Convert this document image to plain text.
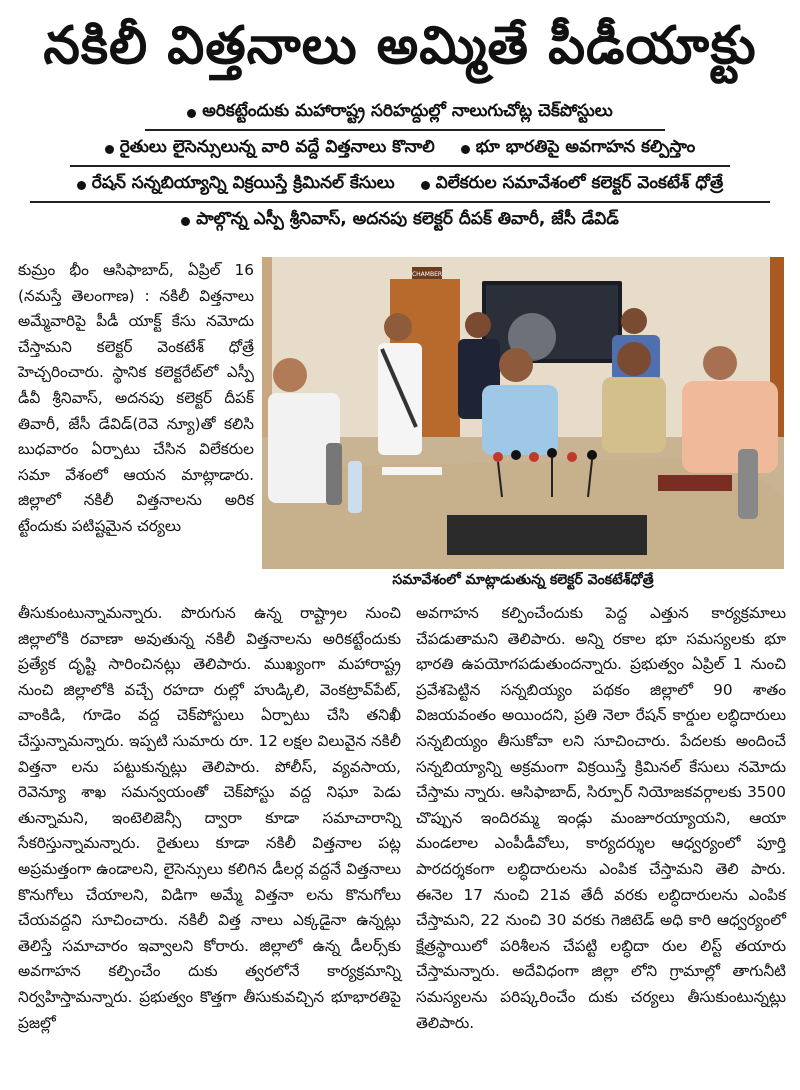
నకిలీ విత్తనాలు అమ్మితే పీడీయాక్టు
అరికట్టేందుకు మహారాష్ట్ర సరిహద్దుల్లో నాలుగుచోట్ల చెక్‌పోస్టులు
రైతులు లైసెన్సులున్న వారి వద్దే విత్తనాలు కొనాలి భూ భారతిపై అవగాహన కల్పిస్తాం
రేషన్ సన్నబియ్యాన్ని విక్రయిస్తే క్రిమినల్ కేసులు విలేకరుల సమావేశంలో కలెక్టర్ వెంకటేశ్ ధోత్రే
పాల్గొన్న ఎస్పీ శ్రీనివాస్, అదనపు కలెక్టర్ దీపక్ తివారీ, జేసీ డేవిడ్
CHAMBER
సమావేశంలో మాట్లాడుతున్న కలెక్టర్ వెంకటేశ్‌ధోత్రే

కుమ్రం భీం ఆసిఫాబాద్, ఏప్రిల్ 16 (నమస్తే తెలంగాణ) : నకిలీ విత్తనాలు అమ్మేవారిపై పీడీ యాక్ట్ కేసు నమోదు చేస్తామని కలెక్టర్ వెంకటేశ్ ధోత్రే హెచ్చరించారు. స్థానిక కలెక్టరేట్‌లో ఎస్పీ డీవీ శ్రీనివాస్, అదనపు కలెక్టర్ దీపక్ తివారీ, జేసీ డేవిడ్(రెవె న్యూ)తో కలిసి బుధవారం ఏర్పాటు చేసిన విలేకరుల సమా వేశంలో ఆయన మాట్లాడారు. జిల్లాలో నకిలీ విత్తనాలను అరిక ట్టేందుకు పటిష్టమైన చర్యలు

తీసుకుంటున్నామన్నారు. పొరుగున ఉన్న రాష్ట్రాల నుంచి జిల్లాలోకి రవాణా అవుతున్న నకిలీ విత్తనాలను అరికట్టేందుకు ప్రత్యేక దృష్టి సారించినట్లు తెలిపారు. ముఖ్యంగా మహారాష్ట్ర నుంచి జిల్లాలోకి వచ్చే రహదా రుల్లో హుడ్కిలి, వెంకట్రావ్‌పేట్, వాంకిడి, గూడెం వద్ద చెక్‌పోస్టులు ఏర్పాటు చేసి తనిఖీ చేస్తున్నామన్నారు. ఇప్పటి సుమారు రూ. 12 లక్షల విలువైన నకిలీ విత్తనా లను పట్టుకున్నట్లు తెలిపారు. పోలీస్, వ్యవసాయ, రెవెన్యూ శాఖ సమన్వయంతో చెక్‌పోస్టు వద్ద నిఘా పెడు తున్నామని, ఇంటెలిజెన్సీ ద్వారా కూడా సమాచారాన్ని సేకరిస్తున్నామన్నారు. రైతులు కూడా నకిలీ విత్తనాల పట్ల అప్రమత్తంగా ఉండాలని, లైసెన్సులు కలిగిన డీలర్ల వద్దనే విత్తనాలు కొనుగోలు చేయాలని, విడిగా అమ్మే విత్తనా లను కొనుగోలు చేయవద్దని సూచించారు. నకిలీ విత్త నాలు ఎక్కడైనా ఉన్నట్లు తెలిస్తే సమాచారం ఇవ్వాలని కోరారు. జిల్లాలో ఉన్న డీలర్స్‌కు అవగాహన కల్పించేం దుకు త్వరలోనే కార్యక్రమాన్ని నిర్వహిస్తామన్నారు. ప్రభుత్వం కొత్తగా తీసుకువచ్చిన భూభారతిపై ప్రజల్లో

అవగాహన కల్పించేందుకు పెద్ద ఎత్తున కార్యక్రమాలు చేపడుతామని తెలిపారు. అన్ని రకాల భూ సమస్యలకు భూ భారతి ఉపయోగపడుతుందన్నారు. ప్రభుత్వం ఏప్రిల్ 1 నుంచి ప్రవేశపెట్టిన సన్నబియ్యం పథకం జిల్లాలో 90 శాతం విజయవంతం అయిందని, ప్రతి నెలా రేషన్ కార్డుల లబ్ధిదారులు సన్నబియ్యం తీసుకోవా లని సూచించారు. పేదలకు అందించే సన్నబియ్యాన్ని అక్రమంగా విక్రయిస్తే క్రిమినల్ కేసులు నమోదు చేస్తామ న్నారు. ఆసిఫాబాద్, సిర్పూర్ నియోజకవర్గాలకు 3500 చొప్పున ఇందిరమ్మ ఇండ్లు మంజూరయ్యాయని, ఆయా మండలాల ఎంపీడీవోలు, కార్యదర్శుల ఆధ్వర్యంలో పూర్తి పారదర్శకంగా లబ్ధిదారులను ఎంపిక చేస్తామని తెలి పారు. ఈనెల 17 నుంచి 21వ తేదీ వరకు లబ్ధిదారులను ఎంపిక చేస్తామని, 22 నుంచి 30 వరకు గెజిటెడ్ అధి కారి ఆధ్వర్యంలో క్షేత్రస్థాయిలో పరిశీలన చేపట్టి లబ్ధిదా రుల లిస్ట్ తయారు చేస్తామన్నారు. అదేవిధంగా జిల్లా లోని గ్రామాల్లో తాగునీటి సమస్యలను పరిష్కరించేం దుకు చర్యలు తీసుకుంటున్నట్లు తెలిపారు.
